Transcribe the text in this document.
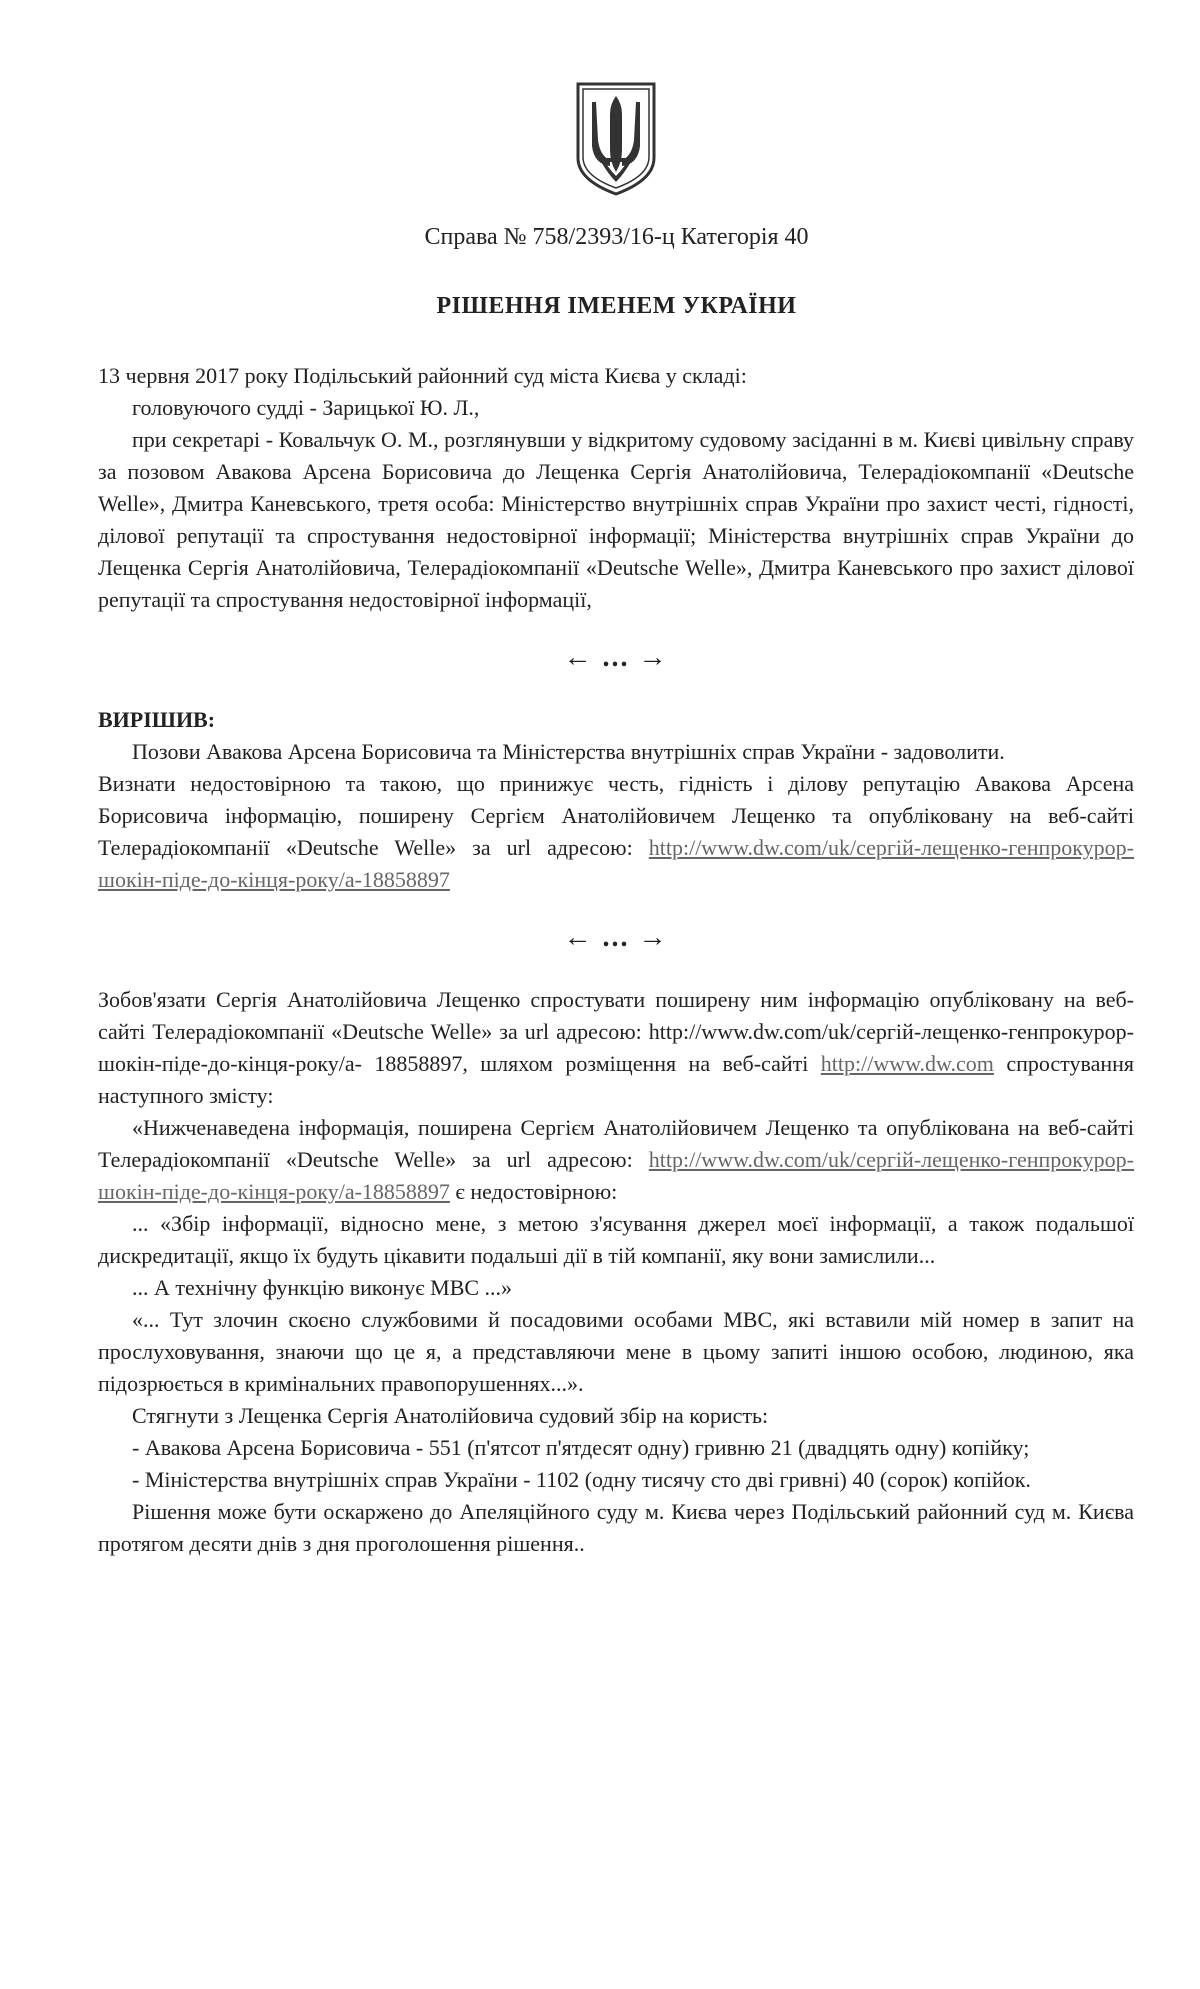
Справа № 758/2393/16-ц Категорія 40
РІШЕННЯ ІМЕНЕМ УКРАЇНИ

13 червня 2017 року Подільський районний суд міста Києва у складі:

головуючого судді - Зарицької Ю. Л.,

при секретарі - Ковальчук О. М., розглянувши у відкритому судовому засіданні в м. Києві цивільну справу за позовом Авакова Арсена Борисовича до Лещенка Сергія Анатолійовича, Телерадіокомпанії «Deutsche Welle», Дмитра Каневського, третя особа: Міністерство внутрішніх справ України про захист честі, гідності, ділової репутації та спростування недостовірної інформації; Міністерства внутрішніх справ України до Лещенка Сергія Анатолійовича, Телерадіокомпанії «Deutsche Welle», Дмитра Каневського про захист ділової репутації та спростування недостовірної інформації,

← ... →

ВИРІШИВ:

Позови Авакова Арсена Борисовича та Міністерства внутрішніх справ України - задоволити.

Визнати недостовірною та такою, що принижує честь, гідність і ділову репутацію Авакова Арсена Борисовича інформацію, поширену Сергієм Анатолійовичем Лещенко та опубліковану на веб-сайті Телерадіокомпанії «Deutsche Welle» за url адресою: http://www.dw.com/uk/сергій-лещенко-генпрокурор-шокін-піде-до-кінця-року/а-18858897

← ... →

Зобов'язати Сергія Анатолійовича Лещенко спростувати поширену ним інформацію опубліковану на веб-сайті Телерадіокомпанії «Deutsche Welle» за url адресою: http://www.dw.com/uk/сергій-лещенко-генпрокурор-шокін-піде-до-кінця-року/а- 18858897, шляхом розміщення на веб-сайті http://www.dw.com спростування наступного змісту:

«Нижченаведена інформація, поширена Сергієм Анатолійовичем Лещенко та опублікована на веб-сайті Телерадіокомпанії «Deutsche Welle» за url адресою: http://www.dw.com/uk/сергій-лещенко-генпрокурор-шокін-піде-до-кінця-року/а-18858897 є недостовірною:

... «Збір інформації, відносно мене, з метою з'ясування джерел моєї інформації, а також подальшої дискредитації, якщо їх будуть цікавити подальші дії в тій компанії, яку вони замислили...

... А технічну функцію виконує МВС ...»

«... Тут злочин скоєно службовими й посадовими особами МВС, які вставили мій номер в запит на прослуховування, знаючи що це я, а представляючи мене в цьому запиті іншою особою, людиною, яка підозрюється в кримінальних правопорушеннях...».

Стягнути з Лещенка Сергія Анатолійовича судовий збір на користь:

- Авакова Арсена Борисовича - 551 (п'ятсот п'ятдесят одну) гривню 21 (двадцять одну) копійку;

- Міністерства внутрішніх справ України - 1102 (одну тисячу сто дві гривні) 40 (сорок) копійок.

Рішення може бути оскаржено до Апеляційного суду м. Києва через Подільський районний суд м. Києва протягом десяти днів з дня проголошення рішення..
